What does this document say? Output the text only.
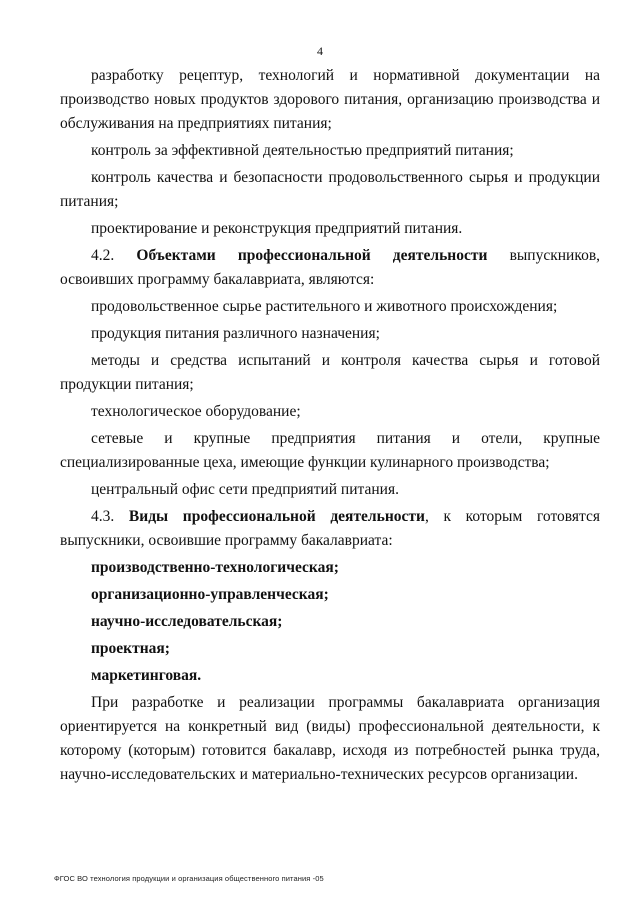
4

разработку рецептур, технологий и нормативной документации на производство новых продуктов здорового питания, организацию производства и обслуживания на предприятиях питания;

контроль за эффективной деятельностью предприятий питания;

контроль качества и безопасности продовольственного сырья и продукции питания;

проектирование и реконструкция предприятий питания.

4.2. Объектами профессиональной деятельности выпускников, освоивших программу бакалавриата, являются:

продовольственное сырье растительного и животного происхождения;

продукция питания различного назначения;

методы и средства испытаний и контроля качества сырья и готовой продукции питания;

технологическое оборудование;

сетевые и крупные предприятия питания и отели, крупные специализированные цеха, имеющие функции кулинарного производства;

центральный офис сети предприятий питания.

4.3. Виды профессиональной деятельности, к которым готовятся выпускники, освоившие программу бакалавриата:

производственно-технологическая;

организационно-управленческая;

научно-исследовательская;

проектная;

маркетинговая.

При разработке и реализации программы бакалавриата организация ориентируется на конкретный вид (виды) профессиональной деятельности, к которому (которым) готовится бакалавр, исходя из потребностей рынка труда, научно-исследовательских и материально-технических ресурсов организации.

ФГОС ВО технология продукции и организация общественного питания -05
